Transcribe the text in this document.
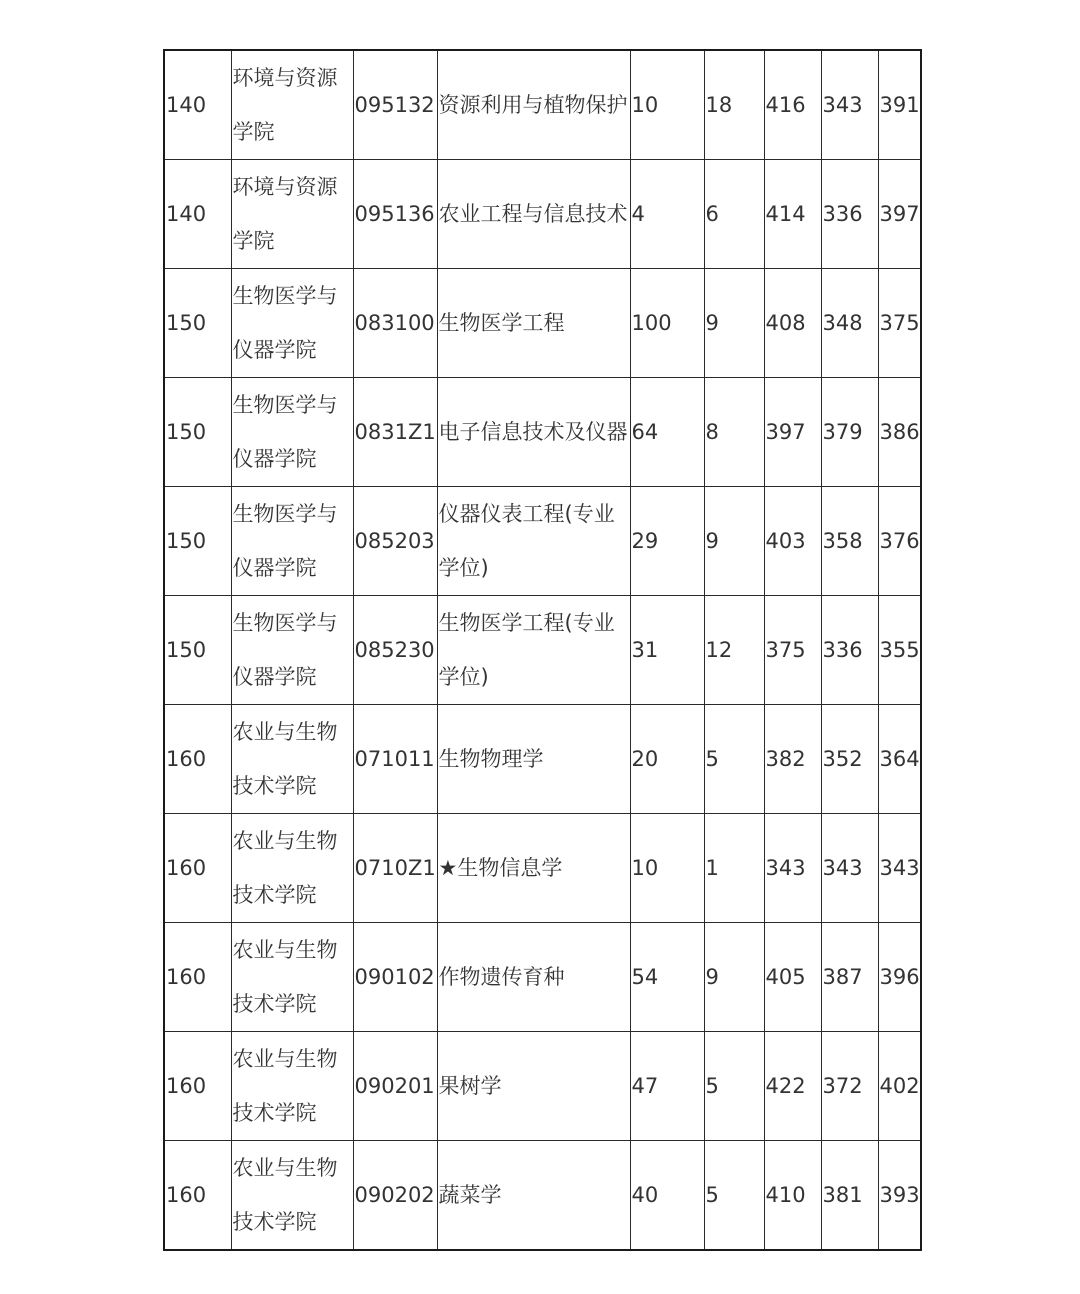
140	环境与资源学院	095132	资源利用与植物保护	10	18	416	343	391
140	环境与资源学院	095136	农业工程与信息技术	4	6	414	336	397
150	生物医学与仪器学院	083100	生物医学工程	100	9	408	348	375
150	生物医学与仪器学院	0831Z1	电子信息技术及仪器	64	8	397	379	386
150	生物医学与仪器学院	085203	仪器仪表工程(专业学位)	29	9	403	358	376
150	生物医学与仪器学院	085230	生物医学工程(专业学位)	31	12	375	336	355
160	农业与生物技术学院	071011	生物物理学	20	5	382	352	364
160	农业与生物技术学院	0710Z1	★生物信息学	10	1	343	343	343
160	农业与生物技术学院	090102	作物遗传育种	54	9	405	387	396
160	农业与生物技术学院	090201	果树学	47	5	422	372	402
160	农业与生物技术学院	090202	蔬菜学	40	5	410	381	393
